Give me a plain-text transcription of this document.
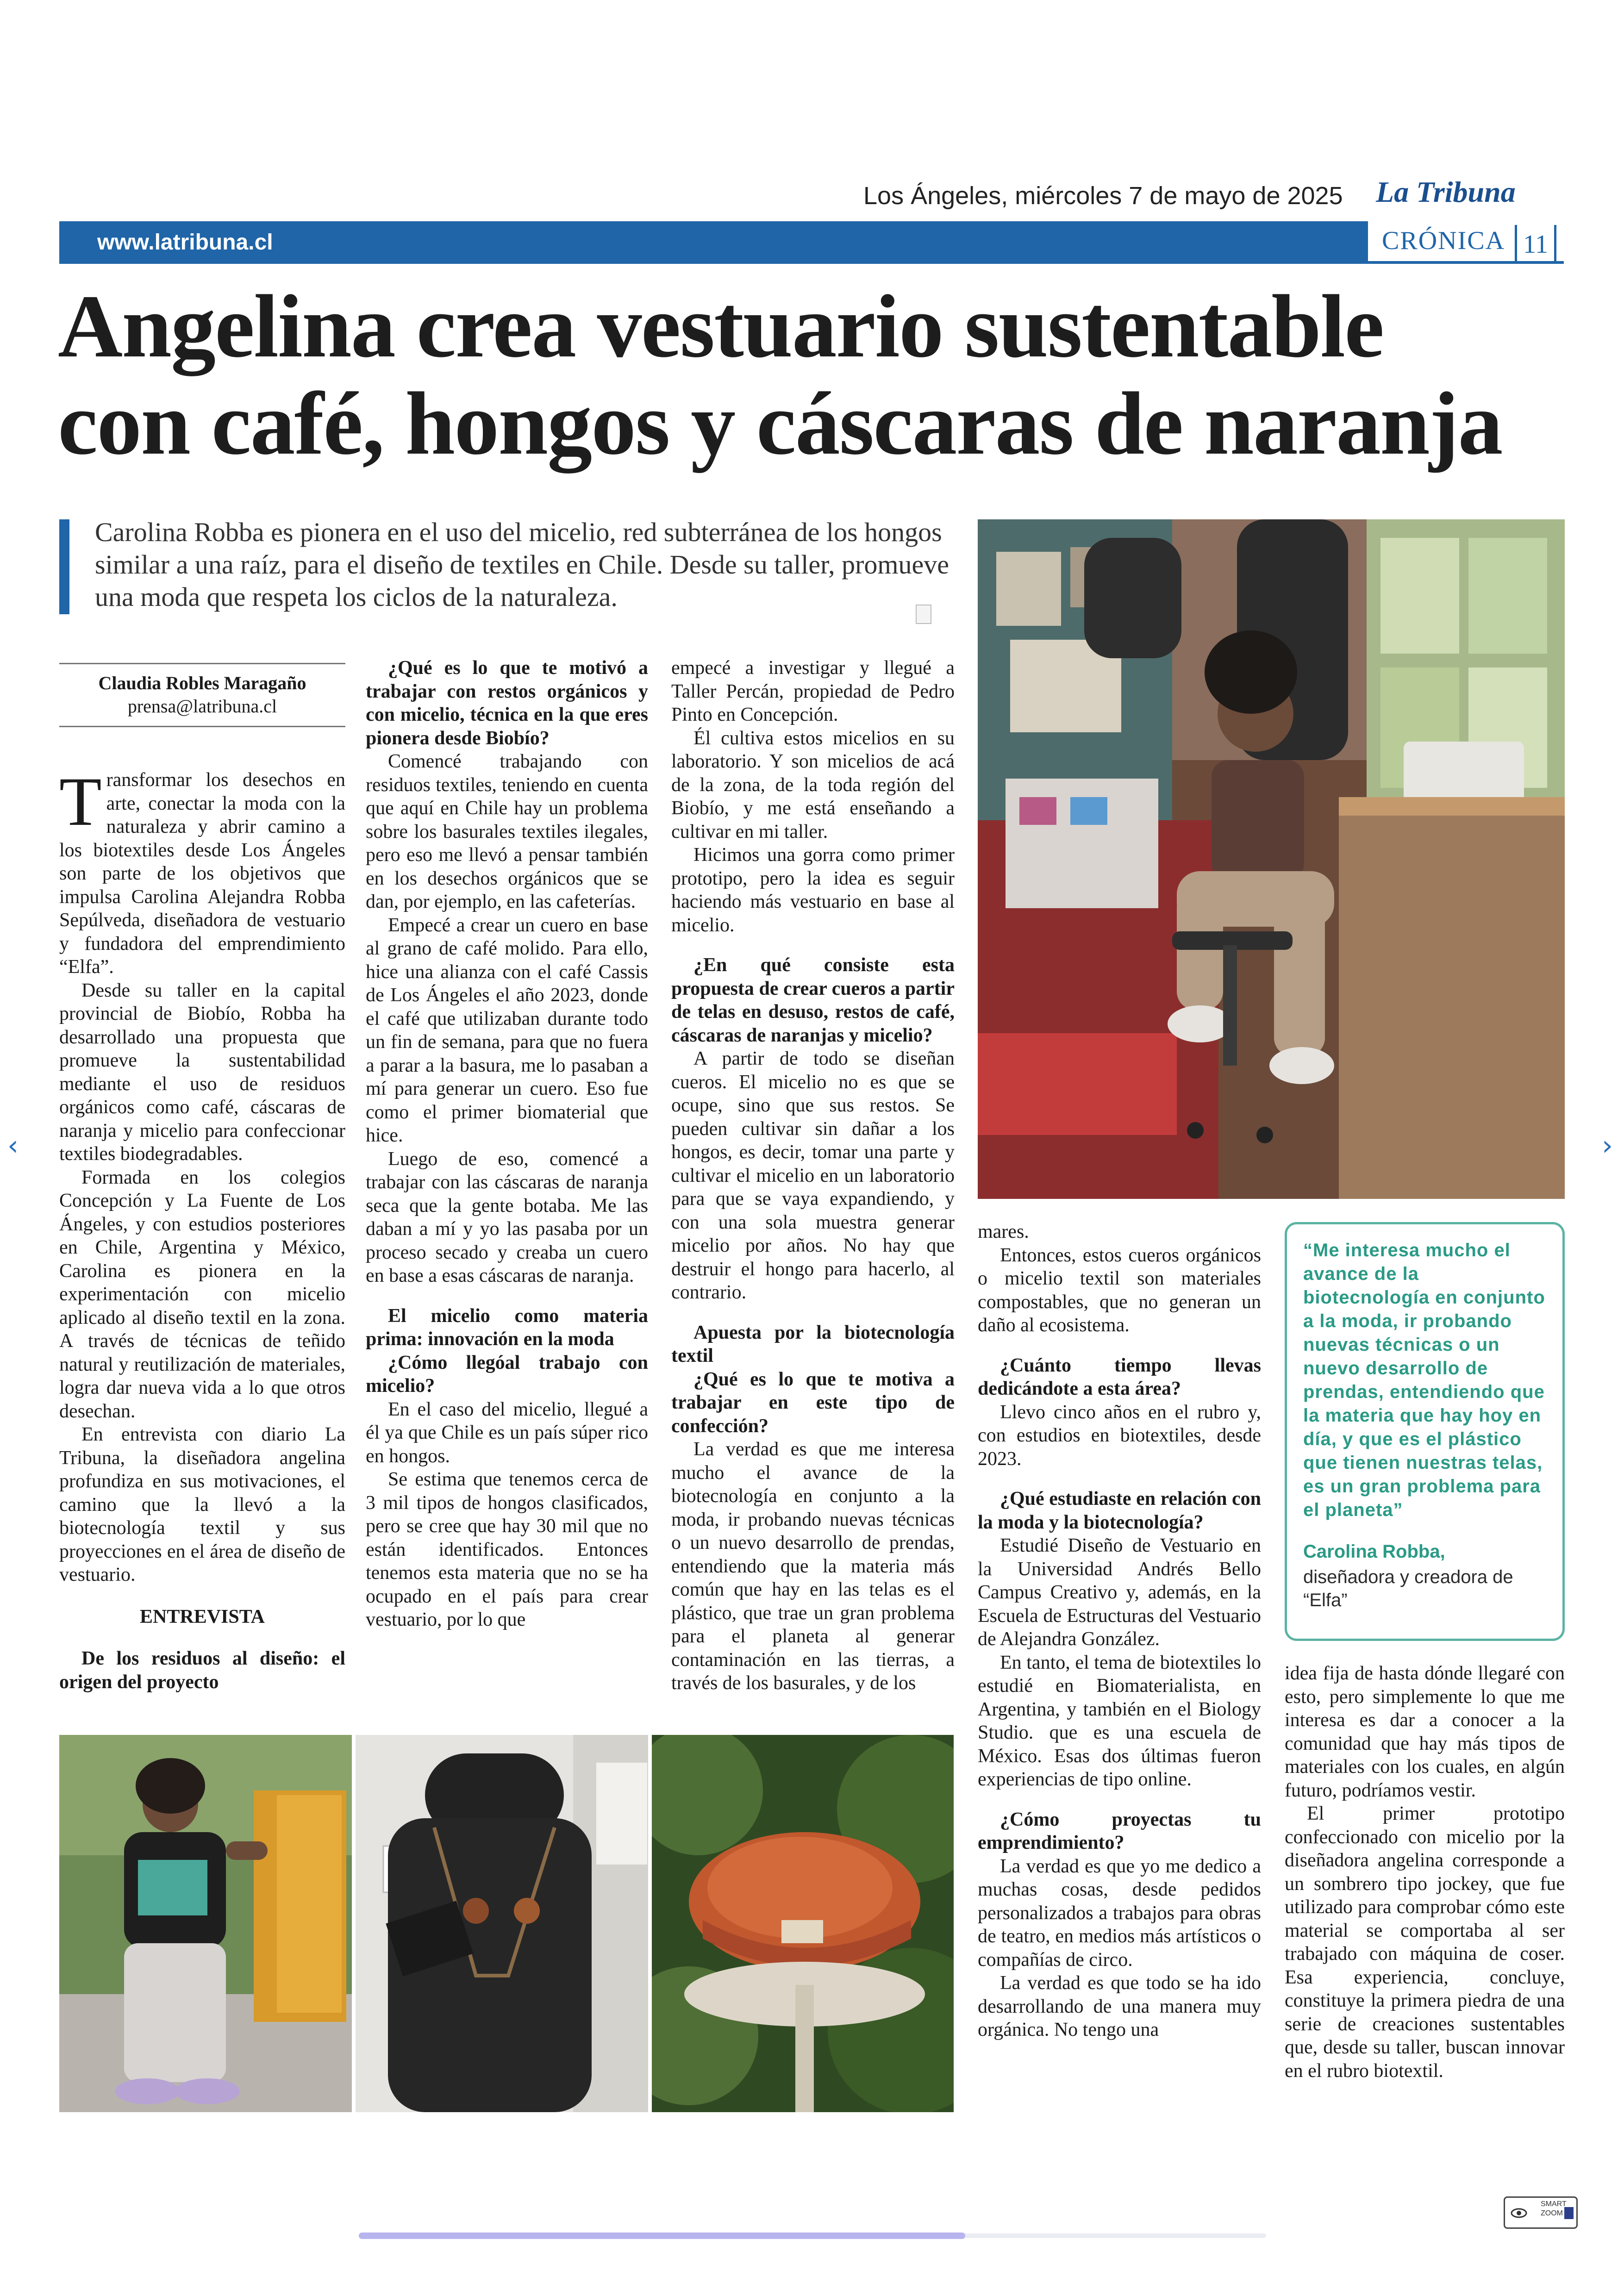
Los Ángeles, miércoles 7 de mayo de 2025 La Tribuna
www.latribuna.cl	CRÓNICA 11
Angelina crea vestuario sustentable
con café, hongos y cáscaras de naranja
Carolina Robba es pionera en el uso del micelio, red subterránea de los hongos similar a una raíz, para el diseño de textiles en Chile. Desde su taller, promueve una moda que respeta los ciclos de la naturaleza.
Claudia Robles Maragaño
prensa@latribuna.cl

Transformar los desechos en arte, conectar la moda con la naturaleza y abrir camino a los biotextiles desde Los Ángeles son parte de los objetivos que impulsa Carolina Alejandra Robba Sepúlveda, diseñadora de vestuario y fundadora del emprendimiento “Elfa”.

Desde su taller en la capital provincial de Biobío, Robba ha desarrollado una propuesta que promueve la sustentabilidad mediante el uso de residuos orgánicos como café, cáscaras de naranja y micelio para confeccionar textiles biodegradables.

Formada en los colegios Concepción y La Fuente de Los Ángeles, y con estudios posteriores en Chile, Argentina y México, Carolina es pionera en la experimentación con micelio aplicado al diseño textil en la zona. A través de técnicas de teñido natural y reutilización de materiales, logra dar nueva vida a lo que otros desechan.

En entrevista con diario La Tribuna, la diseñadora angelina profundiza en sus motivaciones, el camino que la llevó a la biotecnología textil y sus proyecciones en el área de diseño de vestuario.

ENTREVISTA

De los residuos al diseño: el origen del proyecto

¿Qué es lo que te motivó a trabajar con restos orgánicos y con micelio, técnica en la que eres pionera desde Biobío?

Comencé trabajando con residuos textiles, teniendo en cuenta que aquí en Chile hay un problema sobre los basurales textiles ilegales, pero eso me llevó a pensar también en los desechos orgánicos que se dan, por ejemplo, en las cafeterías.

Empecé a crear un cuero en base al grano de café molido. Para ello, hice una alianza con el café Cassis de Los Ángeles el año 2023, donde el café que utilizaban durante todo un fin de semana, para que no fuera a parar a la basura, me lo pasaban a mí para generar un cuero. Eso fue como el primer biomaterial que hice.

Luego de eso, comencé a trabajar con las cáscaras de naranja seca que la gente botaba. Me las daban a mí y yo las pasaba por un proceso secado y creaba un cuero en base a esas cáscaras de naranja.

El micelio como materia prima: innovación en la moda

¿Cómo llegóal trabajo con micelio?

En el caso del micelio, llegué a él ya que Chile es un país súper rico en hongos.

Se estima que tenemos cerca de 3 mil tipos de hongos clasificados, pero se cree que hay 30 mil que no están identificados. Entonces tenemos esta materia que no se ha ocupado en el país para crear vestuario, por lo que

empecé a investigar y llegué a Taller Percán, propiedad de Pedro Pinto en Concepción.

Él cultiva estos micelios en su laboratorio. Y son micelios de acá de la zona, de la toda región del Biobío, y me está enseñando a cultivar en mi taller.

Hicimos una gorra como primer prototipo, pero la idea es seguir haciendo más vestuario en base al micelio.

¿En qué consiste esta propuesta de crear cueros a partir de telas en desuso, restos de café, cáscaras de naranjas y micelio?

A partir de todo se diseñan cueros. El micelio no es que se ocupe, sino que sus restos. Se pueden cultivar sin dañar a los hongos, es decir, tomar una parte y cultivar el micelio en un laboratorio para que se vaya expandiendo, y con una sola muestra generar micelio por años. No hay que destruir el hongo para hacerlo, al contrario.

Apuesta por la biotecnología textil

¿Qué es lo que te motiva a trabajar en este tipo de confección?

La verdad es que me interesa mucho el avance de la biotecnología en conjunto a la moda, ir probando nuevas técnicas o un nuevo desarrollo de prendas, entendiendo que la materia más común que hay en las telas es el plástico, que trae un gran problema para el planeta al generar contaminación en las tierras, a través de los basurales, y de los

mares.

Entonces, estos cueros orgánicos o micelio textil son materiales compostables, que no generan un daño al ecosistema.

¿Cuánto tiempo llevas dedicándote a esta área?

Llevo cinco años en el rubro y, con estudios en biotextiles, desde 2023.

¿Qué estudiaste en relación con la moda y la biotecnología?

Estudié Diseño de Vestuario en la Universidad Andrés Bello Campus Creativo y, además, en la Escuela de Estructuras del Vestuario de Alejandra González.

En tanto, el tema de biotextiles lo estudié en Biomaterialista, en Argentina, y también en el Biology Studio. que es una escuela de México. Esas dos últimas fueron experiencias de tipo online.

¿Cómo proyectas tu emprendimiento?

La verdad es que yo me dedico a muchas cosas, desde pedidos personalizados a trabajos para obras de teatro, en medios más artísticos o compañías de circo.

La verdad es que todo se ha ido desarrollando de una manera muy orgánica. No tengo una

idea fija de hasta dónde llegaré con esto, pero simplemente lo que me interesa es dar a conocer a la comunidad que hay más tipos de materiales con los cuales, en algún futuro, podríamos vestir.

El primer prototipo confeccionado con micelio por la diseñadora angelina corresponde a un sombrero tipo jockey, que fue utilizado para comprobar cómo este material se comportaba al ser trabajado con máquina de coser. Esa experiencia, concluye, constituye la primera piedra de una serie de creaciones sustentables que, desde su taller, buscan innovar en el rubro biotextil.

“Me interesa mucho el avance de la biotecnología en conjunto a la moda, ir probando nuevas técnicas o un nuevo desarrollo de prendas, entendiendo que la materia que hay hoy en día, y que es el plástico que tienen nuestras telas, es un gran problema para el planeta”
Carolina Robba,
diseñadora y creadora de “Elfa”
‹	›
SMART ZOOM
